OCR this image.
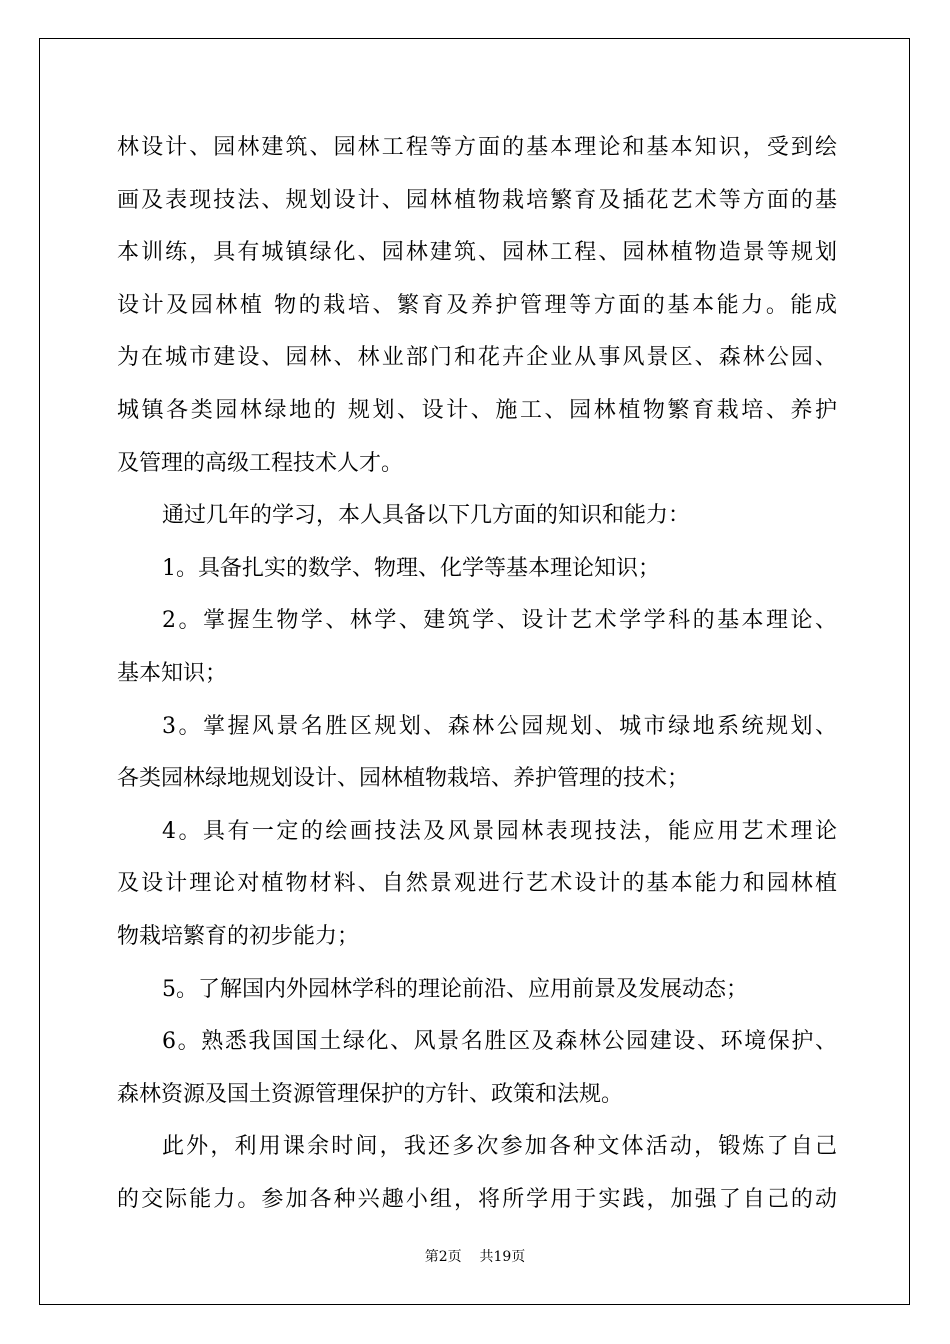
林设计、园林建筑、园林工程等方面的基本理论和基本知识，受到绘
画及表现技法、规划设计、园林植物栽培繁育及插花艺术等方面的基
本训练，具有城镇绿化、园林建筑、园林工程、园林植物造景等规划
设计及园林植 物的栽培、繁育及养护管理等方面的基本能力。能成
为在城市建设、园林、林业部门和花卉企业从事风景区、森林公园、
城镇各类园林绿地的 规划、设计、施工、园林植物繁育栽培、养护
及管理的高级工程技术人才。
通过几年的学习，本人具备以下几方面的知识和能力：
1。具备扎实的数学、物理、化学等基本理论知识；
2。掌握生物学、林学、建筑学、设计艺术学学科的基本理论、
基本知识；
3。掌握风景名胜区规划、森林公园规划、城市绿地系统规划、
各类园林绿地规划设计、园林植物栽培、养护管理的技术；
4。具有一定的绘画技法及风景园林表现技法，能应用艺术理论
及设计理论对植物材料、自然景观进行艺术设计的基本能力和园林植
物栽培繁育的初步能力；
5。了解国内外园林学科的理论前沿、应用前景及发展动态；
6。熟悉我国国土绿化、风景名胜区及森林公园建设、环境保护、
森林资源及国土资源管理保护的方针、政策和法规。
此外，利用课余时间，我还多次参加各种文体活动，锻炼了自己
的交际能力。参加各种兴趣小组，将所学用于实践，加强了自己的动
第2页 共19页
